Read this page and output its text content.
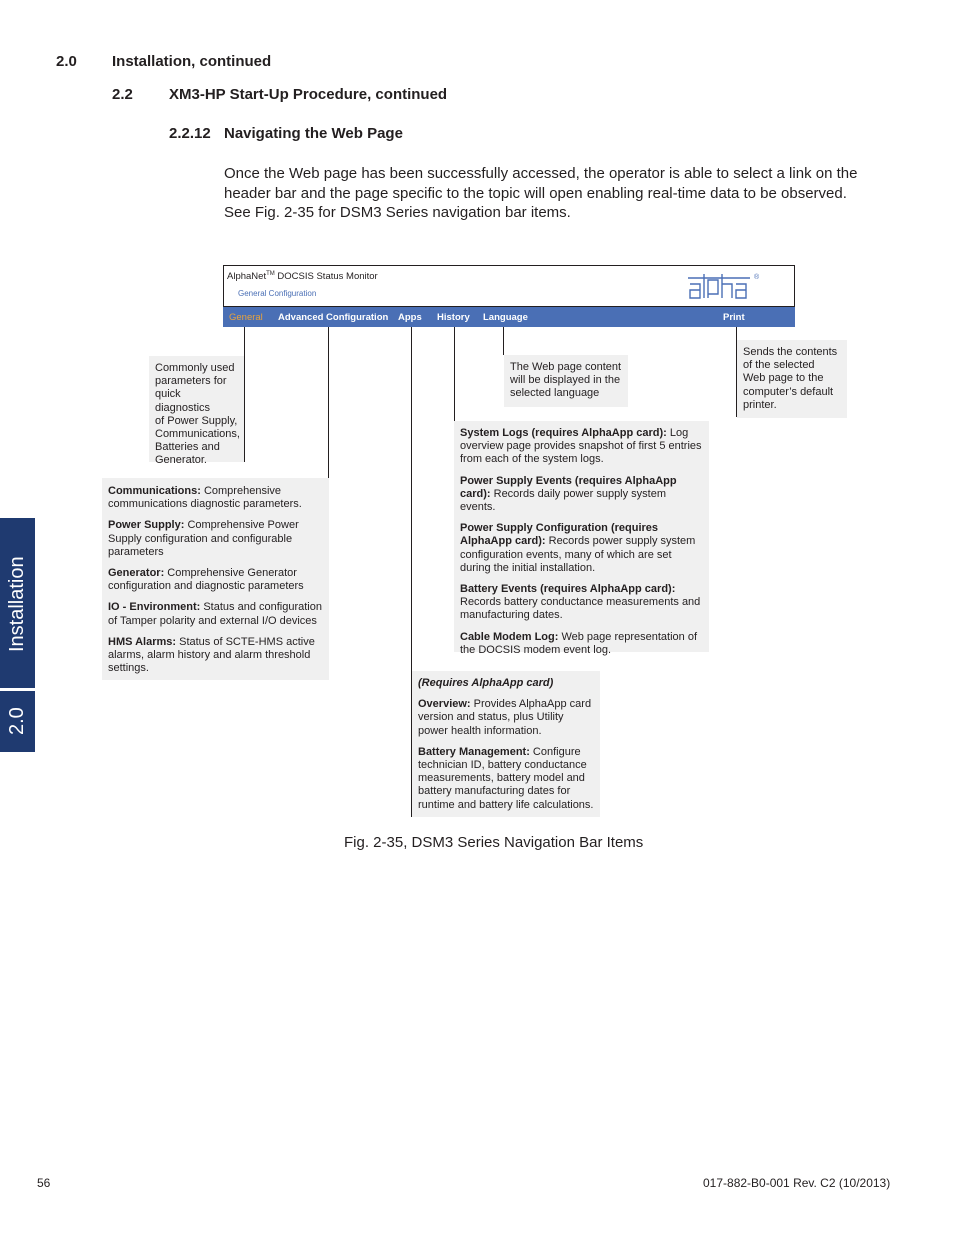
2.0 Installation, continued
2.2 XM3-HP Start-Up Procedure, continued
2.2.12 Navigating the Web Page
Once the Web page has been successfully accessed, the operator is able to select a link on the
header bar and the page specific to the topic will open enabling real-time data to be observed.
See Fig. 2-35 for DSM3 Series navigation bar items.
AlphaNet™ DOCSIS Status Monitor
General Configuration
®
General Advanced Configuration Apps History Language	Print
Commonly used
parameters for
quick diagnostics
of Power Supply,
Communications,
Batteries and
Generator.
The Web page content
will be displayed in the
selected language
Sends the contents
of the selected
Web page to the
computer’s default
printer.

System Logs (requires AlphaApp card): Log overview page provides snapshot of first 5 entries from each of the system logs.

Power Supply Events (requires AlphaApp card): Records daily power supply system events.

Power Supply Configuration (requires AlphaApp card): Records power supply system configuration events, many of which are set during the initial installation.

Battery Events (requires AlphaApp card): Records battery conductance measurements and manufacturing dates.

Cable Modem Log: Web page representation of the DOCSIS modem event log.

Communications: Comprehensive communications diagnostic parameters.

Power Supply: Comprehensive Power Supply configuration and configurable parameters

Generator: Comprehensive Generator configuration and diagnostic parameters

IO - Environment: Status and configuration of Tamper polarity and external I/O devices

HMS Alarms: Status of SCTE-HMS active alarms, alarm history and alarm threshold settings.

(Requires AlphaApp card)

Overview: Provides AlphaApp card version and status, plus Utility power health information.

Battery Management: Configure technician ID, battery conductance measurements, battery model and battery manufacturing dates for runtime and battery life calculations.

Fig. 2-35, DSM3 Series Navigation Bar Items
Installation
2.0
56	017-882-B0-001 Rev. C2 (10/2013)
